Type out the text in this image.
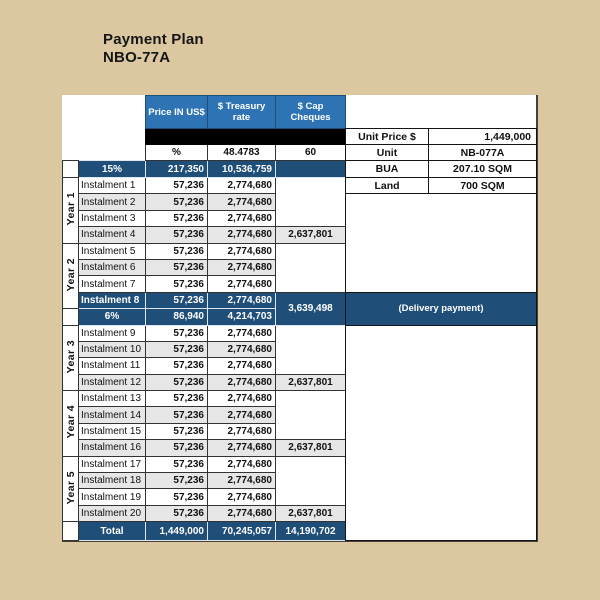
Payment Plan
NBO-77A
		Price IN US$	$ Treasury rate	$ Cap Cheques

		%	48.4783	60
	15%	217,350	10,536,759	
Year 1	Instalment 1	57,236	2,774,680	
	Instalment 2	57,236	2,774,680	
	Instalment 3	57,236	2,774,680	
	Instalment 4	57,236	2,774,680	2,637,801
Year 2	Instalment 5	57,236	2,774,680	
	Instalment 6	57,236	2,774,680	
	Instalment 7	57,236	2,774,680	
	Instalment 8	57,236	2,774,680	3,639,498
	6%	86,940	4,214,703	
Year 3	Instalment 9	57,236	2,774,680	
	Instalment 10	57,236	2,774,680	
	Instalment 11	57,236	2,774,680	
	Instalment 12	57,236	2,774,680	2,637,801
Year 4	Instalment 13	57,236	2,774,680	
	Instalment 14	57,236	2,774,680	
	Instalment 15	57,236	2,774,680	
	Instalment 16	57,236	2,774,680	2,637,801
Year 5	Instalment 17	57,236	2,774,680	
	Instalment 18	57,236	2,774,680	
	Instalment 19	57,236	2,774,680	
	Instalment 20	57,236	2,774,680	2,637,801
	Total	1,449,000	70,245,057	14,190,702
Unit Price $	1,449,000
Unit	NB-077A
BUA	207.10 SQM
Land	700 SQM

(Delivery payment)	
